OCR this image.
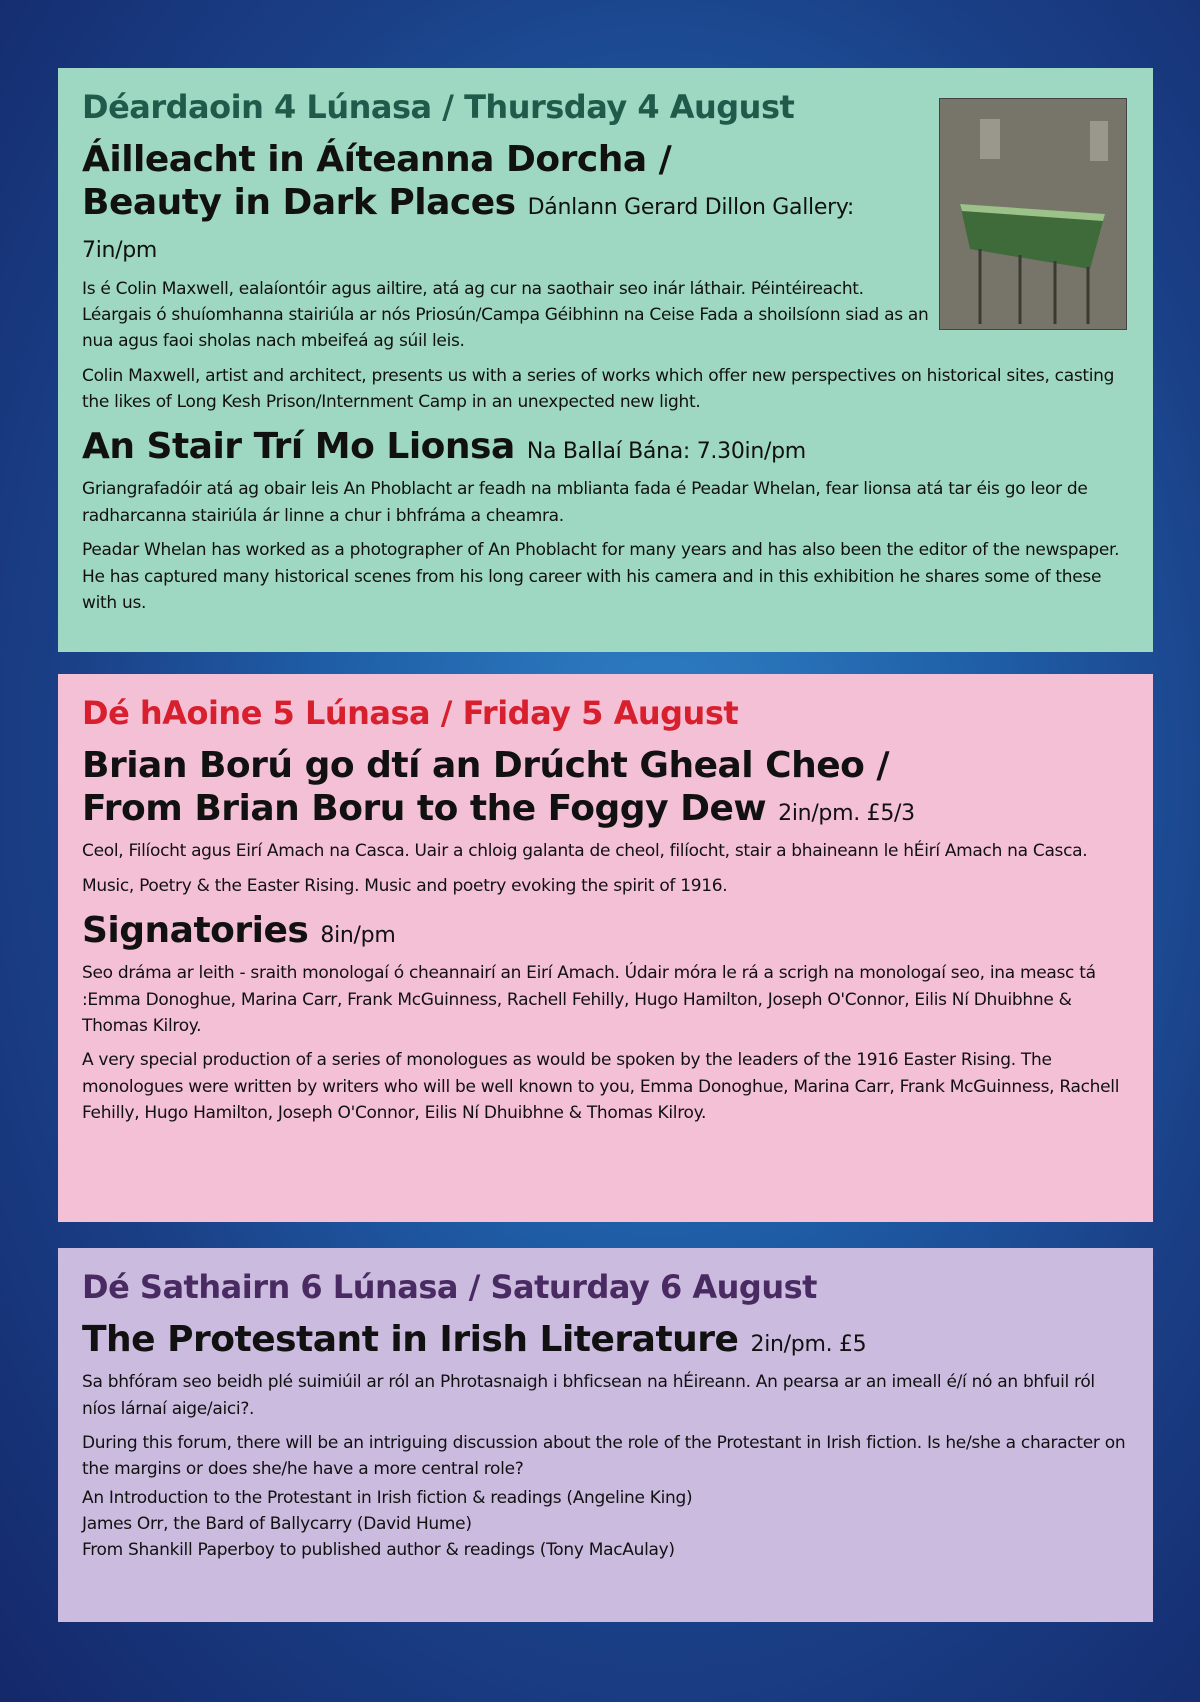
Déardaoin 4 Lúnasa / Thursday 4 August
Áilleacht in Áíteanna Dorcha /
Beauty in Dark Places Dánlann Gerard Dillon Gallery: 7in/pm

Is é Colin Maxwell, ealaíontóir agus ailtire, atá ag cur na saothair seo inár láthair. Péintéireacht. Léargais ó shuíomhanna stairiúla ar nós Priosún/Campa Géibhinn na Ceise Fada a shoilsíonn siad as an nua agus faoi sholas nach mbeifeá ag súil leis.

Colin Maxwell, artist and architect, presents us with a series of works which offer new perspectives on historical sites, casting the likes of Long Kesh Prison/Internment Camp in an unexpected new light.

An Stair Trí Mo Lionsa Na Ballaí Bána: 7.30in/pm

Griangrafadóir atá ag obair leis An Phoblacht ar feadh na mblianta fada é Peadar Whelan, fear lionsa atá tar éis go leor de radharcanna stairiúla ár linne a chur i bhfráma a cheamra.

Peadar Whelan has worked as a photographer of An Phoblacht for many years and has also been the editor of the newspaper. He has captured many historical scenes from his long career with his camera and in this exhibition he shares some of these with us.

Dé hAoine 5 Lúnasa / Friday 5 August
Brian Ború go dtí an Drúcht Gheal Cheo /
From Brian Boru to the Foggy Dew 2in/pm. £5/3

Ceol, Filíocht agus Eirí Amach na Casca. Uair a chloig galanta de cheol, filíocht, stair a bhaineann le hÉirí Amach na Casca.

Music, Poetry & the Easter Rising. Music and poetry evoking the spirit of 1916.

Signatories 8in/pm

Seo dráma ar leith - sraith monologaí ó cheannairí an Eirí Amach. Údair móra le rá a scrigh na monologaí seo, ina measc tá :Emma Donoghue, Marina Carr, Frank McGuinness, Rachell Fehilly, Hugo Hamilton, Joseph O'Connor, Eilis Ní Dhuibhne & Thomas Kilroy.

A very special production of a series of monologues as would be spoken by the leaders of the 1916 Easter Rising. The monologues were written by writers who will be well known to you, Emma Donoghue, Marina Carr, Frank McGuinness, Rachell Fehilly, Hugo Hamilton, Joseph O'Connor, Eilis Ní Dhuibhne & Thomas Kilroy.

Dé Sathairn 6 Lúnasa / Saturday 6 August
The Protestant in Irish Literature 2in/pm. £5

Sa bhfóram seo beidh plé suimiúil ar ról an Phrotasnaigh i bhficsean na hÉireann. An pearsa ar an imeall é/í nó an bhfuil ról níos lárnaí aige/aici?.

During this forum, there will be an intriguing discussion about the role of the Protestant in Irish fiction. Is he/she a character on the margins or does she/he have a more central role?

An Introduction to the Protestant in Irish fiction & readings (Angeline King)

James Orr, the Bard of Ballycarry (David Hume)

From Shankill Paperboy to published author & readings (Tony MacAulay)
